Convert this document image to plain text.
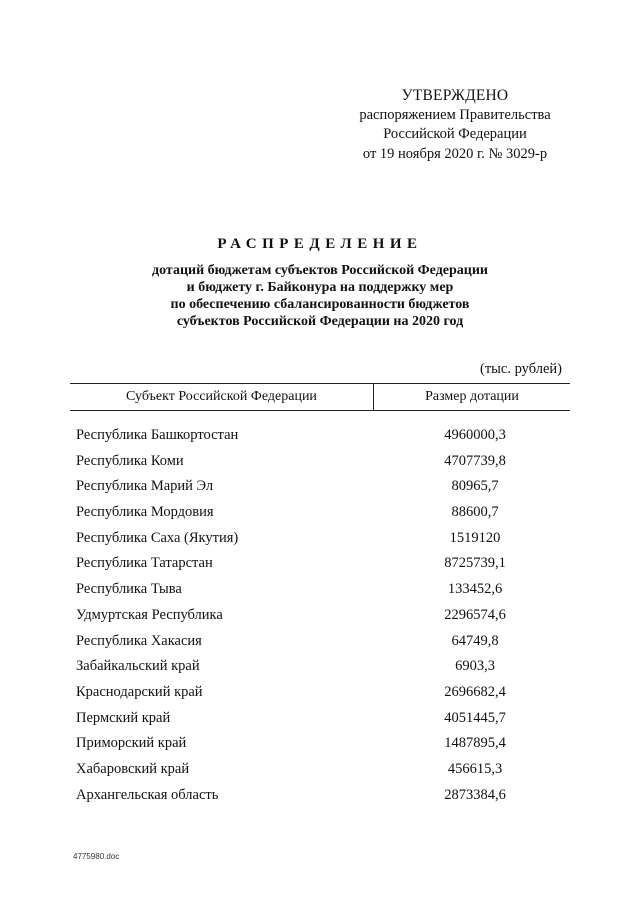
УТВЕРЖДЕНО
распоряжением Правительства
Российской Федерации
от 19 ноября 2020 г. № 3029-р
РАСПРЕДЕЛЕНИЕ
дотаций бюджетам субъектов Российской Федерации
и бюджету г. Байконура на поддержку мер
по обеспечению сбалансированности бюджетов
субъектов Российской Федерации на 2020 год
(тыс. рублей)
Субъект Российской Федерации	Размер дотации
Республика Башкортостан	4960000,3
Республика Коми	4707739,8
Республика Марий Эл	80965,7
Республика Мордовия	88600,7
Республика Саха (Якутия)	1519120
Республика Татарстан	8725739,1
Республика Тыва	133452,6
Удмуртская Республика	2296574,6
Республика Хакасия	64749,8
Забайкальский край	6903,3
Краснодарский край	2696682,4
Пермский край	4051445,7
Приморский край	1487895,4
Хабаровский край	456615,3
Архангельская область	2873384,6
4775980.doc
